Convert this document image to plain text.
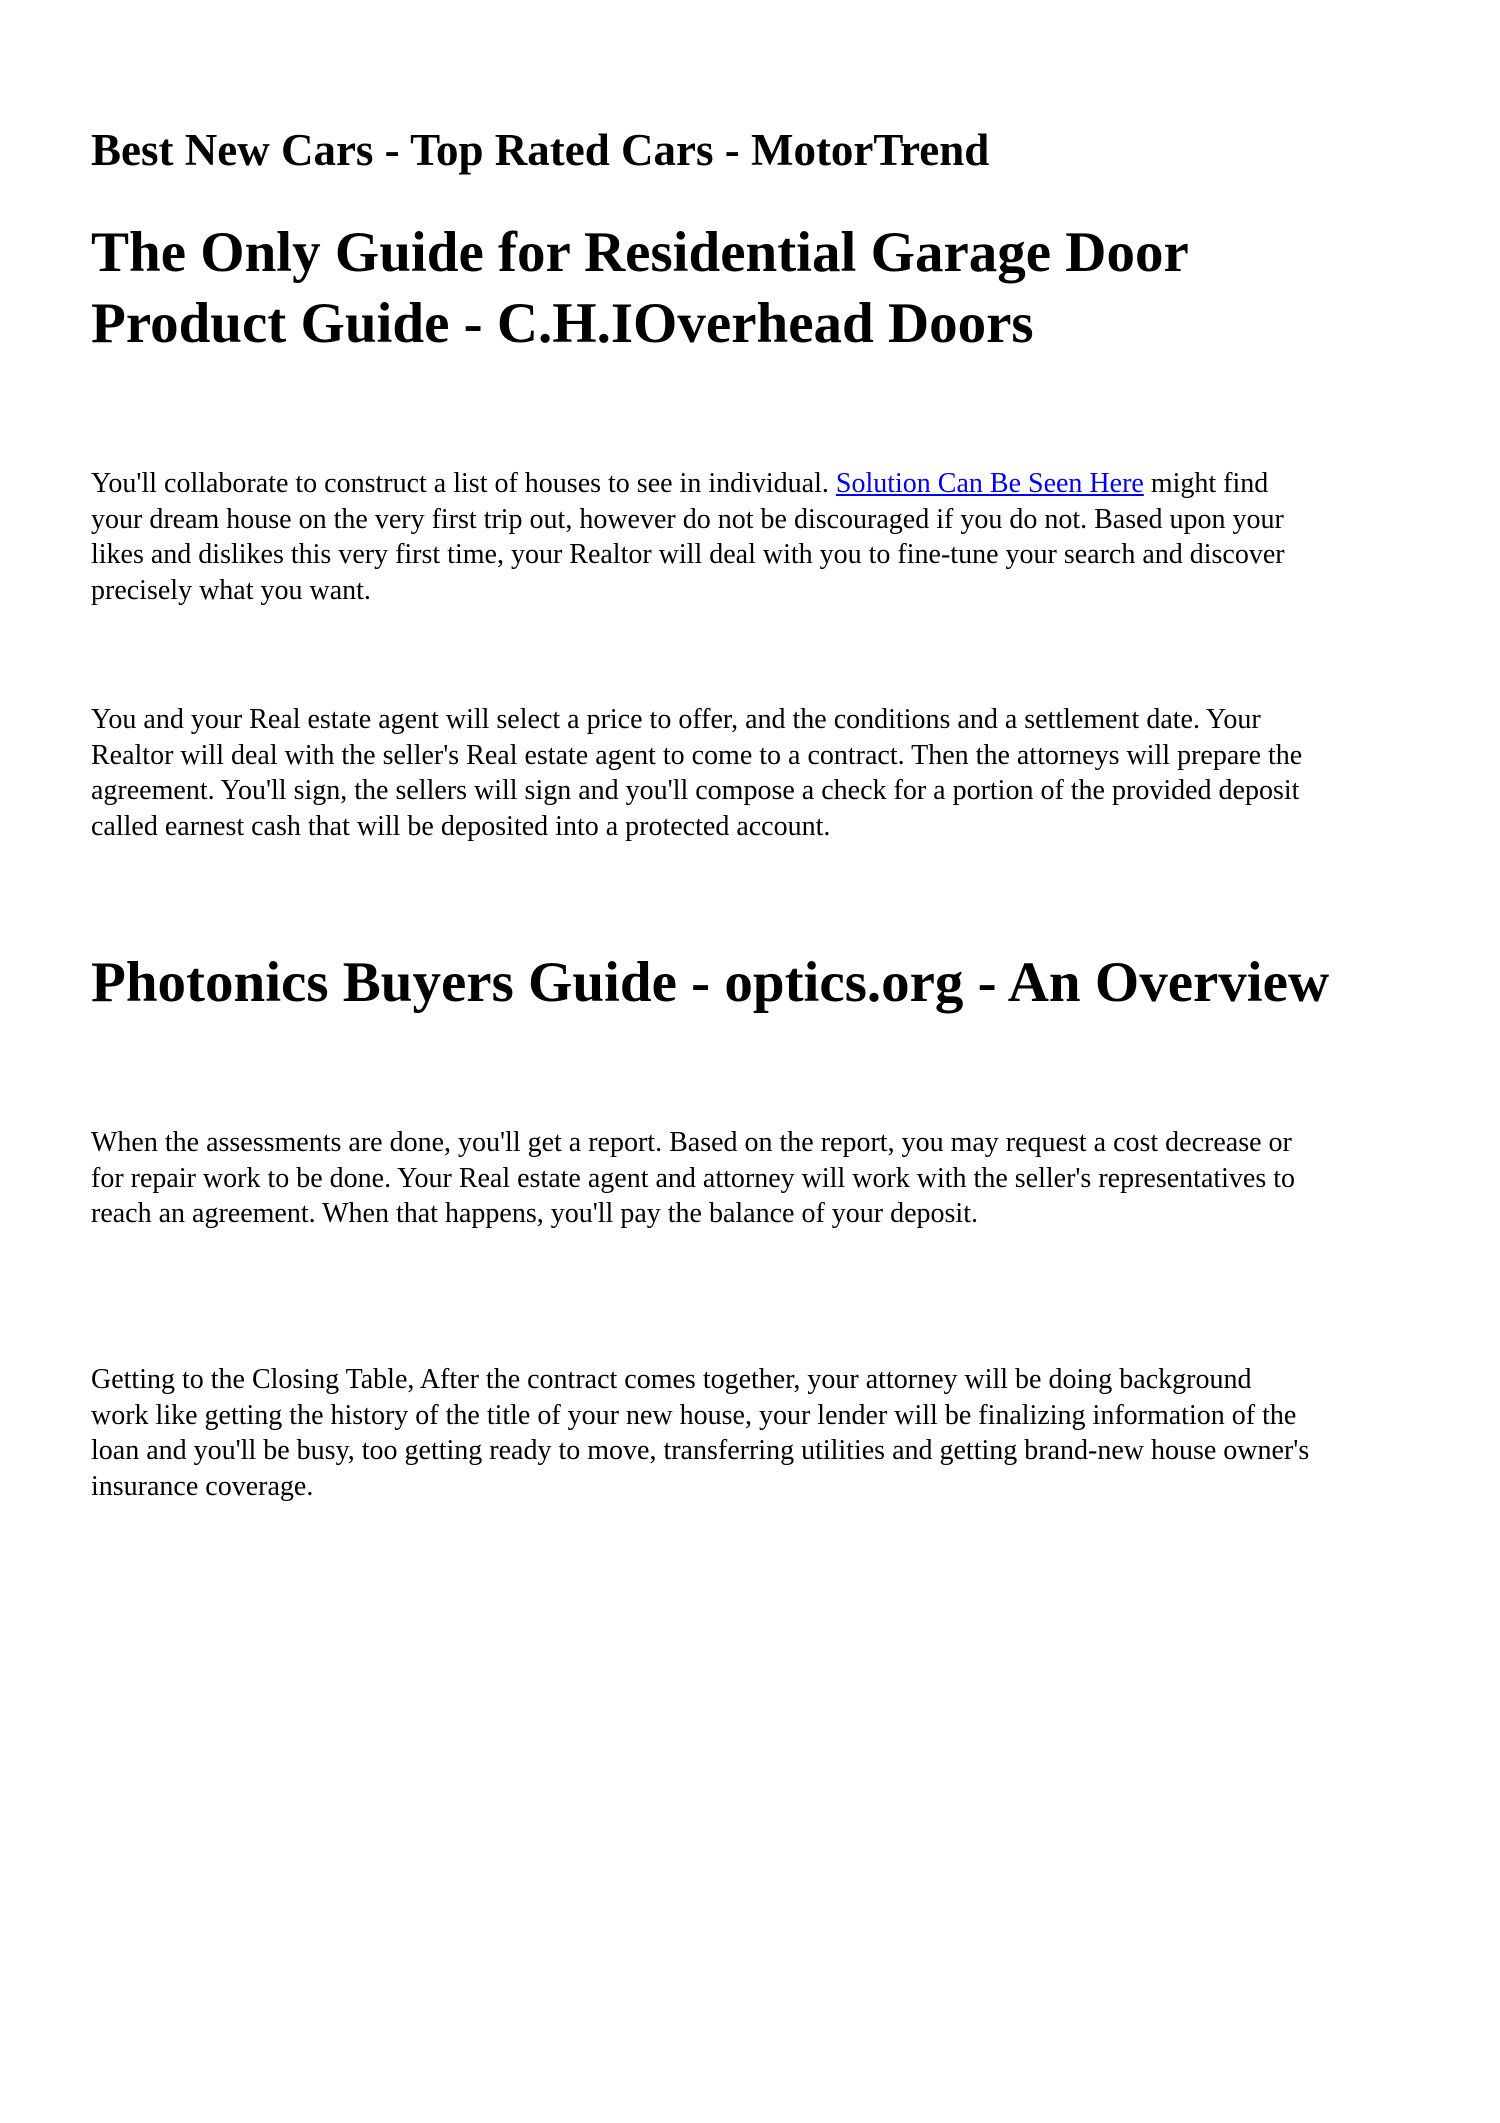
Best New Cars - Top Rated Cars - MotorTrend
The Only Guide for Residential Garage Door
Product Guide - C.H.IOverhead Doors
You'll collaborate to construct a list of houses to see in individual. Solution Can Be Seen Here might find
your dream house on the very first trip out, however do not be discouraged if you do not. Based upon your
likes and dislikes this very first time, your Realtor will deal with you to fine-tune your search and discover
precisely what you want.
You and your Real estate agent will select a price to offer, and the conditions and a settlement date. Your
Realtor will deal with the seller's Real estate agent to come to a contract. Then the attorneys will prepare the
agreement. You'll sign, the sellers will sign and you'll compose a check for a portion of the provided deposit
called earnest cash that will be deposited into a protected account.
Photonics Buyers Guide - optics.org - An Overview
When the assessments are done, you'll get a report. Based on the report, you may request a cost decrease or
for repair work to be done. Your Real estate agent and attorney will work with the seller's representatives to
reach an agreement. When that happens, you'll pay the balance of your deposit.
Getting to the Closing Table, After the contract comes together, your attorney will be doing background
work like getting the history of the title of your new house, your lender will be finalizing information of the
loan and you'll be busy, too getting ready to move, transferring utilities and getting brand-new house owner's
insurance coverage.
